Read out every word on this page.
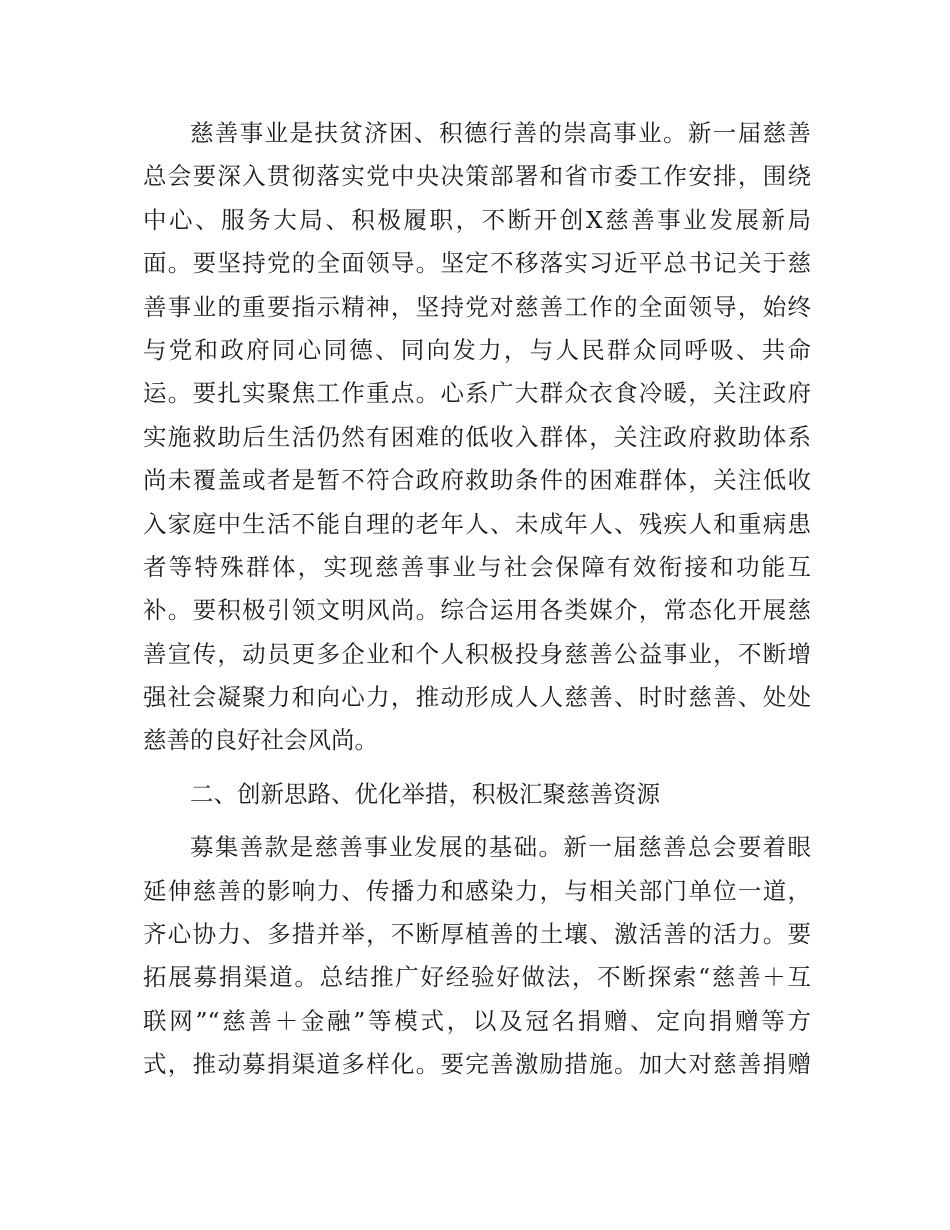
慈善事业是扶贫济困、积德行善的崇高事业。新一届慈善
总会要深入贯彻落实党中央决策部署和省市委工作安排，围绕
中心、服务大局、积极履职，不断开创X慈善事业发展新局
面。要坚持党的全面领导。坚定不移落实习近平总书记关于慈
善事业的重要指示精神，坚持党对慈善工作的全面领导，始终
与党和政府同心同德、同向发力，与人民群众同呼吸、共命
运。要扎实聚焦工作重点。心系广大群众衣食冷暖，关注政府
实施救助后生活仍然有困难的低收入群体，关注政府救助体系
尚未覆盖或者是暂不符合政府救助条件的困难群体，关注低收
入家庭中生活不能自理的老年人、未成年人、残疾人和重病患
者等特殊群体，实现慈善事业与社会保障有效衔接和功能互
补。要积极引领文明风尚。综合运用各类媒介，常态化开展慈
善宣传，动员更多企业和个人积极投身慈善公益事业，不断增
强社会凝聚力和向心力，推动形成人人慈善、时时慈善、处处
慈善的良好社会风尚。
二、创新思路、优化举措，积极汇聚慈善资源
募集善款是慈善事业发展的基础。新一届慈善总会要着眼
延伸慈善的影响力、传播力和感染力，与相关部门单位一道，
齐心协力、多措并举，不断厚植善的土壤、激活善的活力。要
拓展募捐渠道。总结推广好经验好做法，不断探索“慈善＋互
联网”“慈善＋金融”等模式，以及冠名捐赠、定向捐赠等方
式，推动募捐渠道多样化。要完善激励措施。加大对慈善捐赠
